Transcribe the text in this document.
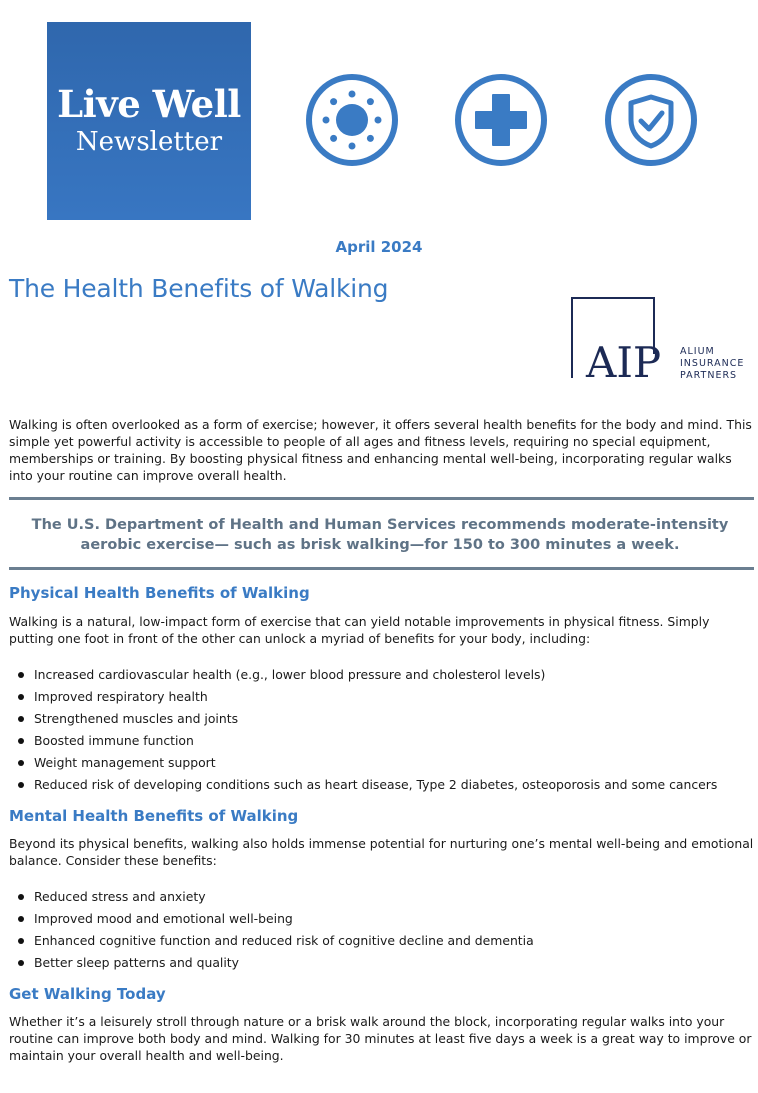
Live Well
Newsletter
April 2024
The Health Benefits of Walking
AIP ALIUM
INSURANCE
PARTNERS

Walking is often overlooked as a form of exercise; however, it offers several health benefits for the body and mind. This simple yet powerful activity is accessible to people of all ages and fitness levels, requiring no special equipment, memberships or training. By boosting physical fitness and enhancing mental well-being, incorporating regular walks into your routine can improve overall health.

The U.S. Department of Health and Human Services recommends moderate-intensity aerobic exercise— such as brisk walking—for 150 to 300 minutes a week.
Physical Health Benefits of Walking

Walking is a natural, low-impact form of exercise that can yield notable improvements in physical fitness. Simply putting one foot in front of the other can unlock a myriad of benefits for your body, including:

Increased cardiovascular health (e.g., lower blood pressure and cholesterol levels)
Improved respiratory health
Strengthened muscles and joints
Boosted immune function
Weight management support
Reduced risk of developing conditions such as heart disease, Type 2 diabetes, osteoporosis and some cancers
Mental Health Benefits of Walking

Beyond its physical benefits, walking also holds immense potential for nurturing one’s mental well-being and emotional balance. Consider these benefits:

Reduced stress and anxiety
Improved mood and emotional well-being
Enhanced cognitive function and reduced risk of cognitive decline and dementia
Better sleep patterns and quality
Get Walking Today

Whether it’s a leisurely stroll through nature or a brisk walk around the block, incorporating regular walks into your routine can improve both body and mind. Walking for 30 minutes at least five days a week is a great way to improve or maintain your overall health and well-being.
